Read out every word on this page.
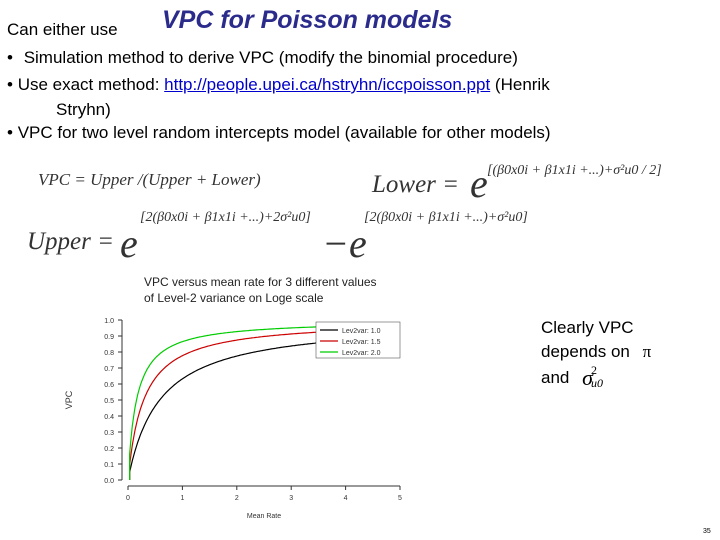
VPC for Poisson models
Can either use
• Simulation method to derive VPC (modify the binomial procedure)
• Use exact method: http://people.upei.ca/hstryhn/iccpoisson.ppt (Henrik
Stryhn)
• VPC for two level random intercepts model (available for other models)
VPC = Upper /(Upper + Lower)	Lower = e [(β0x0i + β1x1i +...)+σ²u0 / 2]
[2(β0x0i + β1x1i +...)+2σ²u0]	[2(β0x0i + β1x1i +...)+σ²u0]
Upper = e	−e
VPC versus mean rate for 3 different values
of Level-2 variance on Loge scale
0.0
0.1
0.2
0.3
0.4
0.5
0.6
0.7
0.8
0.9
1.0
0	1	2	3	4	5
Mean Rate
VPC
Lev2var: 1.0
Lev2var: 1.5
Lev2var: 2.0
Clearly VPC
depends on π
and $\sigma^2_{u0}$
35
